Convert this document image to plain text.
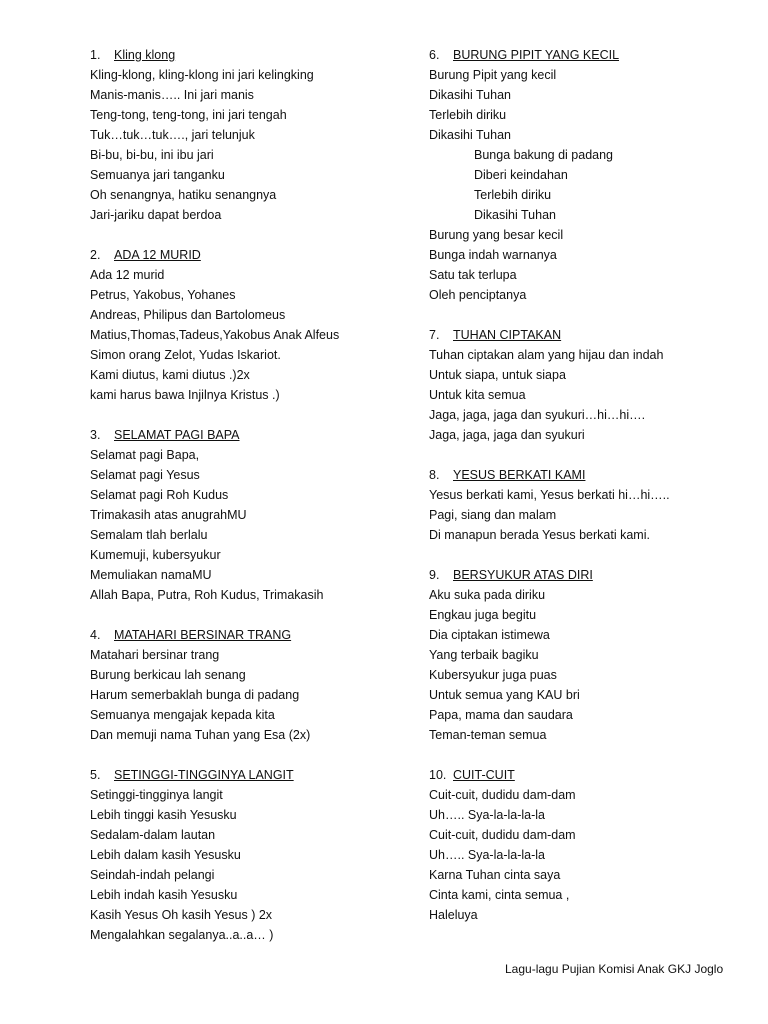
1.	Kling klong
Kling-klong, kling-klong ini jari kelingking
Manis-manis….. Ini jari manis
Teng-tong, teng-tong, ini jari tengah
Tuk…tuk…tuk…., jari telunjuk
Bi-bu, bi-bu, ini ibu jari
Semuanya jari tanganku
Oh senangnya, hatiku senangnya
Jari-jariku dapat berdoa
2.	ADA 12 MURID
Ada 12 murid
Petrus, Yakobus, Yohanes
Andreas, Philipus dan Bartolomeus
Matius,Thomas,Tadeus,Yakobus Anak Alfeus
Simon orang Zelot, Yudas Iskariot.
Kami diutus, kami diutus .)2x
kami harus bawa Injilnya Kristus .)
3.	SELAMAT PAGI BAPA
Selamat pagi Bapa,
Selamat pagi Yesus
Selamat pagi Roh Kudus
Trimakasih atas anugrahMU
Semalam tlah berlalu
Kumemuji, kubersyukur
Memuliakan namaMU
Allah Bapa, Putra, Roh Kudus, Trimakasih
4.	MATAHARI BERSINAR TRANG
Matahari bersinar trang
Burung berkicau lah senang
Harum semerbaklah bunga di padang
Semuanya mengajak kepada kita
Dan memuji nama Tuhan yang Esa (2x)
5.	SETINGGI-TINGGINYA LANGIT
Setinggi-tingginya langit
Lebih tinggi kasih Yesusku
Sedalam-dalam lautan
Lebih dalam kasih Yesusku
Seindah-indah pelangi
Lebih indah kasih Yesusku
Kasih Yesus Oh kasih Yesus ) 2x
Mengalahkan segalanya..a..a… )
6.	BURUNG PIPIT YANG KECIL
Burung Pipit yang kecil
Dikasihi Tuhan
Terlebih diriku
Dikasihi Tuhan
Bunga bakung di padang
Diberi keindahan
Terlebih diriku
Dikasihi Tuhan
Burung yang besar kecil
Bunga indah warnanya
Satu tak terlupa
Oleh penciptanya
7.	TUHAN CIPTAKAN
Tuhan ciptakan alam yang hijau dan indah
Untuk siapa, untuk siapa
Untuk kita semua
Jaga, jaga, jaga dan syukuri…hi…hi….
Jaga, jaga, jaga dan syukuri
8.	YESUS BERKATI KAMI
Yesus berkati kami, Yesus berkati hi…hi…..
Pagi, siang dan malam
Di manapun berada Yesus berkati kami.
9.	BERSYUKUR ATAS DIRI
Aku suka pada diriku
Engkau juga begitu
Dia ciptakan istimewa
Yang terbaik bagiku
Kubersyukur juga puas
Untuk semua yang KAU bri
Papa, mama dan saudara
Teman-teman semua
10. CUIT-CUIT
Cuit-cuit, dudidu dam-dam
Uh….. Sya-la-la-la-la
Cuit-cuit, dudidu dam-dam
Uh….. Sya-la-la-la-la
Karna Tuhan cinta saya
Cinta kami, cinta semua ,
Haleluya
Lagu-lagu Pujian Komisi Anak GKJ Joglo
